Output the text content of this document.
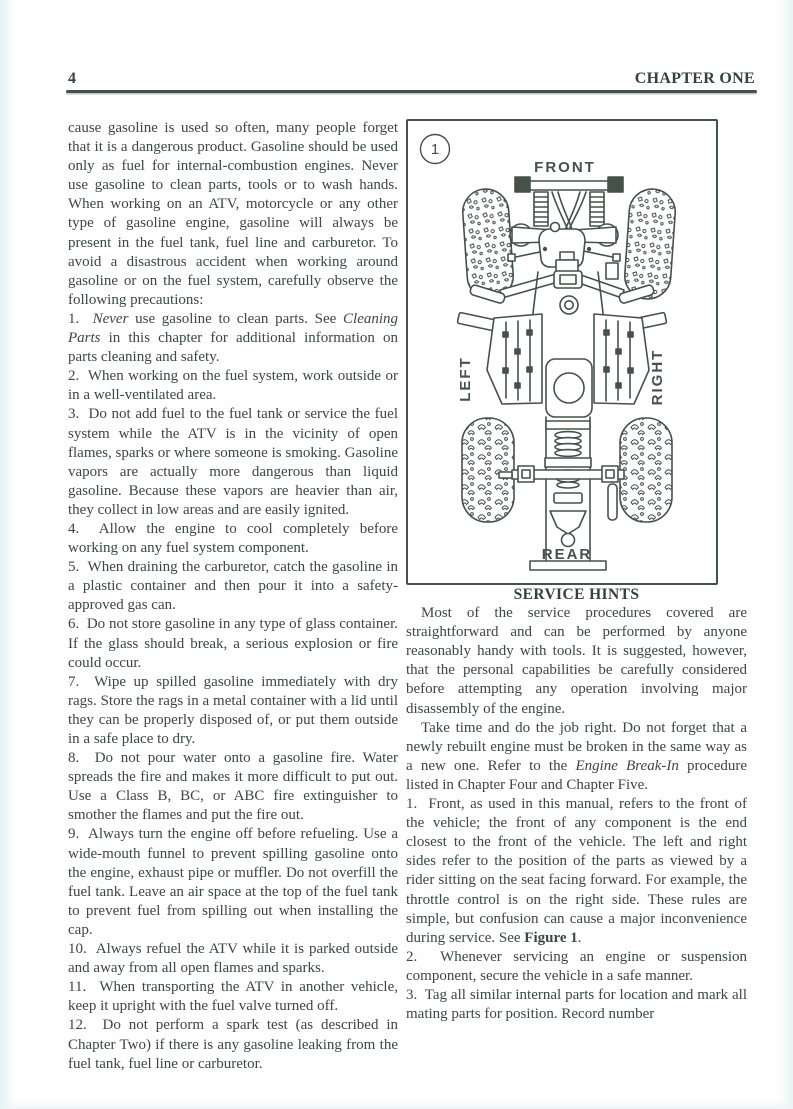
4	CHAPTER ONE

cause gasoline is used so often, many people forget that it is a dangerous product. Gasoline should be used only as fuel for internal-combustion engines. Never use gasoline to clean parts, tools or to wash hands. When working on an ATV, motorcycle or any other type of gasoline engine, gasoline will always be present in the fuel tank, fuel line and carburetor. To avoid a disastrous accident when working around gasoline or on the fuel system, carefully observe the following precautions:

1.  Never use gasoline to clean parts. See Cleaning Parts in this chapter for additional information on parts cleaning and safety.

2.  When working on the fuel system, work outside or in a well-ventilated area.

3.  Do not add fuel to the fuel tank or service the fuel system while the ATV is in the vicinity of open flames, sparks or where someone is smoking. Gasoline vapors are actually more dangerous than liquid gasoline. Because these vapors are heavier than air, they collect in low areas and are easily ignited.

4.  Allow the engine to cool completely before working on any fuel system component.

5.  When draining the carburetor, catch the gasoline in a plastic container and then pour it into a safety-approved gas can.

6.  Do not store gasoline in any type of glass container. If the glass should break, a serious explosion or fire could occur.

7.  Wipe up spilled gasoline immediately with dry rags. Store the rags in a metal container with a lid until they can be properly disposed of, or put them outside in a safe place to dry.

8.  Do not pour water onto a gasoline fire. Water spreads the fire and makes it more difficult to put out. Use a Class B, BC, or ABC fire extinguisher to smother the flames and put the fire out.

9.  Always turn the engine off before refueling. Use a wide-mouth funnel to prevent spilling gasoline onto the engine, exhaust pipe or muffler. Do not overfill the fuel tank. Leave an air space at the top of the fuel tank to prevent fuel from spilling out when installing the cap.

10.  Always refuel the ATV while it is parked outside and away from all open flames and sparks.

11.  When transporting the ATV in another vehicle, keep it upright with the fuel valve turned off.

12.  Do not perform a spark test (as described in Chapter Two) if there is any gasoline leaking from the fuel tank, fuel line or carburetor.

1
FRONT
LEFT	RIGHT
REAR

SERVICE HINTS

Most of the service procedures covered are straightforward and can be performed by anyone reasonably handy with tools. It is suggested, however, that the personal capabilities be carefully considered before attempting any operation involving major disassembly of the engine.

Take time and do the job right. Do not forget that a newly rebuilt engine must be broken in the same way as a new one. Refer to the Engine Break-In procedure listed in Chapter Four and Chapter Five.

1.  Front, as used in this manual, refers to the front of the vehicle; the front of any component is the end closest to the front of the vehicle. The left and right sides refer to the position of the parts as viewed by a rider sitting on the seat facing forward. For example, the throttle control is on the right side. These rules are simple, but confusion can cause a major inconvenience during service. See Figure 1.

2.  Whenever servicing an engine or suspension component, secure the vehicle in a safe manner.

3.  Tag all similar internal parts for location and mark all mating parts for position. Record number
